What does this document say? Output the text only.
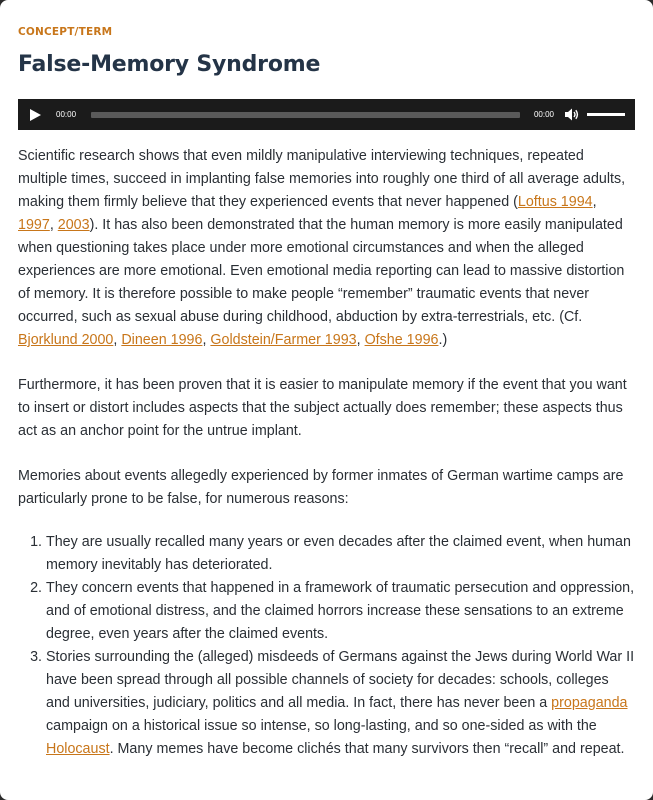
CONCEPT/TERM
False-Memory Syndrome
00:00	00:00

Scientific research shows that even mildly manipulative interviewing techniques, repeated multiple times, succeed in implanting false memories into roughly one third of all average adults, making them firmly believe that they experienced events that never happened (Loftus 1994, 1997, 2003). It has also been demonstrated that the human memory is more easily manipulated when questioning takes place under more emotional circumstances and when the alleged experiences are more emotional. Even emotional media reporting can lead to massive distortion of memory. It is therefore possible to make people “remember” traumatic events that never occurred, such as sexual abuse during childhood, abduction by extra-terrestrials, etc. (Cf. Bjorklund 2000, Dineen 1996, Goldstein/Farmer 1993, Ofshe 1996.)

Furthermore, it has been proven that it is easier to manipulate memory if the event that you want to insert or distort includes aspects that the subject actually does remember; these aspects thus act as an anchor point for the untrue implant.

Memories about events allegedly experienced by former inmates of German wartime camps are particularly prone to be false, for numerous reasons:

1. They are usually recalled many years or even decades after the claimed event, when human memory inevitably has deteriorated.
2. They concern events that happened in a framework of traumatic persecution and oppression, and of emotional distress, and the claimed horrors increase these sensations to an extreme degree, even years after the claimed events.
3. Stories surrounding the (alleged) misdeeds of Germans against the Jews during World War II have been spread through all possible channels of society for decades: schools, colleges and universities, judiciary, politics and all media. In fact, there has never been a propaganda campaign on a historical issue so intense, so long-lasting, and so one-sided as with the Holocaust. Many memes have become clichés that many survivors then “recall” and repeat.
